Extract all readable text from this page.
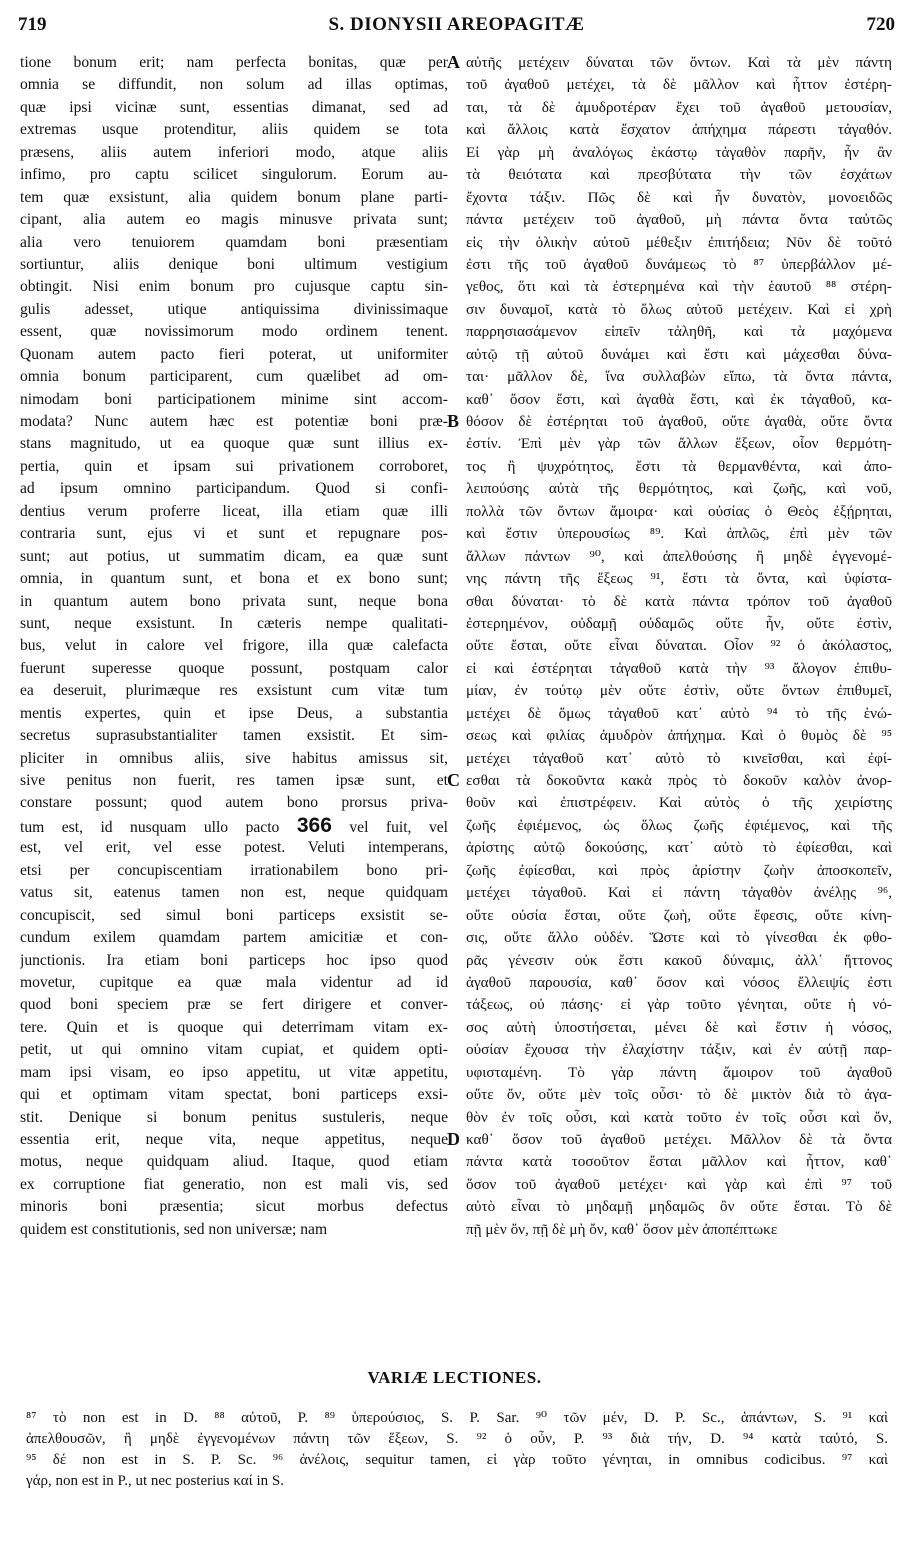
719	S. DIONYSII AREOPAGITÆ	720
tione bonum erit; nam perfecta bonitas, quæ per
omnia se diffundit, non solum ad illas optimas,
quæ ipsi vicinæ sunt, essentias dimanat, sed ad
extremas usque protenditur, aliis quidem se tota
præsens, aliis autem inferiori modo, atque aliis
infimo, pro captu scilicet singulorum. Eorum au-
tem quæ exsistunt, alia quidem bonum plane parti-
cipant, alia autem eo magis minusve privata sunt;
alia vero tenuiorem quamdam boni præsentiam
sortiuntur, aliis denique boni ultimum vestigium
obtingit. Nisi enim bonum pro cujusque captu sin-
gulis adesset, utique antiquissima divinissimaque
essent, quæ novissimorum modo ordinem tenent.
Quonam autem pacto fieri poterat, ut uniformiter
omnia bonum participarent, cum quælibet ad om-
nimodam boni participationem minime sint accom-
modata? Nunc autem hæc est potentiæ boni præ-
stans magnitudo, ut ea quoque quæ sunt illius ex-
pertia, quin et ipsam sui privationem corroboret,
ad ipsum omnino participandum. Quod si confi-
dentius verum proferre liceat, illa etiam quæ illi
contraria sunt, ejus vi et sunt et repugnare pos-
sunt; aut potius, ut summatim dicam, ea quæ sunt
omnia, in quantum sunt, et bona et ex bono sunt;
in quantum autem bono privata sunt, neque bona
sunt, neque exsistunt. In cæteris nempe qualitati-
bus, velut in calore vel frigore, illa quæ calefacta
fuerunt superesse quoque possunt, postquam calor
ea deseruit, plurimæque res exsistunt cum vitæ tum
mentis expertes, quin et ipse Deus, a substantia
secretus suprasubstantialiter tamen exsistit. Et sim-
pliciter in omnibus aliis, sive habitus amissus sit,
sive penitus non fuerit, res tamen ipsæ sunt, et
constare possunt; quod autem bono prorsus priva-
tum est, id nusquam ullo pacto 366 vel fuit, vel
est, vel erit, vel esse potest. Veluti intemperans,
etsi per concupiscentiam irrationabilem bono pri-
vatus sit, eatenus tamen non est, neque quidquam
concupiscit, sed simul boni particeps exsistit se-
cundum exilem quamdam partem amicitiæ et con-
junctionis. Ira etiam boni particeps hoc ipso quod
movetur, cupitque ea quæ mala videntur ad id
quod boni speciem præ se fert dirigere et conver-
tere. Quin et is quoque qui deterrimam vitam ex-
petit, ut qui omnino vitam cupiat, et quidem opti-
mam ipsi visam, eo ipso appetitu, ut vitæ appetitu,
qui et optimam vitam spectat, boni particeps exsi-
stit. Denique si bonum penitus sustuleris, neque
essentia erit, neque vita, neque appetitus, neque
motus, neque quidquam aliud. Itaque, quod etiam
ex corruptione fiat generatio, non est mali vis, sed
minoris boni præsentia; sicut morbus defectus
quidem est constitutionis, sed non universæ; nam
A
B
C
D
αὐτῆς μετέχειν δύναται τῶν ὄντων. Καὶ τὰ μὲν πάντη
τοῦ ἀγαθοῦ μετέχει, τὰ δὲ μᾶλλον καὶ ἧττον ἐστέρη-
ται, τὰ δὲ ἀμυδροτέραν ἔχει τοῦ ἀγαθοῦ μετουσίαν,
καὶ ἄλλοις κατὰ ἔσχατον ἀπήχημα πάρεστι τἀγαθόν.
Εἰ γὰρ μὴ ἀναλόγως ἑκάστῳ τἀγαθὸν παρῆν, ἦν ἂν
τὰ θειότατα καὶ πρεσβύτατα τὴν τῶν ἐσχάτων
ἔχοντα τάξιν. Πῶς δὲ καὶ ἦν δυνατὸν, μονοειδῶς
πάντα μετέχειν τοῦ ἀγαθοῦ, μὴ πάντα ὄντα ταὐτῶς
εἰς τὴν ὁλικὴν αὐτοῦ μέθεξιν ἐπιτήδεια; Νῦν δὲ τοῦτό
ἐστι τῆς τοῦ ἀγαθοῦ δυνάμεως τὸ ⁸⁷ ὑπερβάλλον μέ-
γεθος, ὅτι καὶ τὰ ἐστερημένα καὶ τὴν ἑαυτοῦ ⁸⁸ στέρη-
σιν δυναμοῖ, κατὰ τὸ ὅλως αὐτοῦ μετέχειν. Καὶ εἰ χρὴ
παρρησιασάμενον εἰπεῖν τἀληθῆ, καὶ τὰ μαχόμενα
αὐτῷ τῇ αὐτοῦ δυνάμει καὶ ἔστι καὶ μάχεσθαι δύνα-
ται· μᾶλλον δὲ, ἵνα συλλαβὼν εἴπω, τὰ ὄντα πάντα,
καθ᾽ ὅσον ἔστι, καὶ ἀγαθὰ ἔστι, καὶ ἐκ τἀγαθοῦ, κα-
θόσον δὲ ἐστέρηται τοῦ ἀγαθοῦ, οὔτε ἀγαθὰ, οὔτε ὄντα
ἐστίν. Ἐπὶ μὲν γὰρ τῶν ἄλλων ἕξεων, οἷον θερμότη-
τος ἢ ψυχρότητος, ἔστι τὰ θερμανθέντα, καὶ ἀπο-
λειπούσης αὐτὰ τῆς θερμότητος, καὶ ζωῆς, καὶ νοῦ,
πολλὰ τῶν ὄντων ἄμοιρα· καὶ οὐσίας ὁ Θεὸς ἐξῄρηται,
καὶ ἔστιν ὑπερουσίως ⁸⁹. Καὶ ἁπλῶς, ἐπὶ μὲν τῶν
ἄλλων πάντων ⁹⁰, καὶ ἀπελθούσης ἢ μηδὲ ἐγγενομέ-
νης πάντη τῆς ἕξεως ⁹¹, ἔστι τὰ ὄντα, καὶ ὑφίστα-
σθαι δύναται· τὸ δὲ κατὰ πάντα τρόπον τοῦ ἀγαθοῦ
ἐστερημένον, οὐδαμῇ οὐδαμῶς οὔτε ἦν, οὔτε ἐστὶν,
οὔτε ἔσται, οὔτε εἶναι δύναται. Οἷον ⁹² ὁ ἀκόλαστος,
εἰ καὶ ἐστέρηται τἀγαθοῦ κατὰ τὴν ⁹³ ἄλογον ἐπιθυ-
μίαν, ἐν τούτῳ μὲν οὔτε ἐστὶν, οὔτε ὄντων ἐπιθυμεῖ,
μετέχει δὲ ὅμως τἀγαθοῦ κατ᾽ αὐτὸ ⁹⁴ τὸ τῆς ἑνώ-
σεως καὶ φιλίας ἀμυδρὸν ἀπήχημα. Καὶ ὁ θυμὸς δὲ ⁹⁵
μετέχει τἀγαθοῦ κατ᾽ αὐτὸ τὸ κινεῖσθαι, καὶ ἐφί-
εσθαι τὰ δοκοῦντα κακὰ πρὸς τὸ δοκοῦν καλὸν ἀνορ-
θοῦν καὶ ἐπιστρέφειν. Καὶ αὐτὸς ὁ τῆς χειρίστης
ζωῆς ἐφιέμενος, ὡς ὅλως ζωῆς ἐφιέμενος, καὶ τῆς
ἀρίστης αὐτῷ δοκούσης, κατ᾽ αὐτὸ τὸ ἐφίεσθαι, καὶ
ζωῆς ἐφίεσθαι, καὶ πρὸς ἀρίστην ζωὴν ἀποσκοπεῖν,
μετέχει τἀγαθοῦ. Καὶ εἰ πάντη τἀγαθὸν ἀνέλῃς ⁹⁶,
οὔτε οὐσία ἔσται, οὔτε ζωὴ, οὔτε ἔφεσις, οὔτε κίνη-
σις, οὔτε ἄλλο οὐδέν. Ὥστε καὶ τὸ γίνεσθαι ἐκ φθο-
ρᾶς γένεσιν οὐκ ἔστι κακοῦ δύναμις, ἀλλ᾽ ἥττονος
ἀγαθοῦ παρουσία, καθ᾽ ὅσον καὶ νόσος ἔλλειψίς ἐστι
τάξεως, οὐ πάσης· εἰ γὰρ τοῦτο γένηται, οὔτε ἡ νό-
σος αὐτὴ ὑποστήσεται, μένει δὲ καὶ ἔστιν ἡ νόσος,
οὐσίαν ἔχουσα τὴν ἐλαχίστην τάξιν, καὶ ἐν αὐτῇ παρ-
υφισταμένη. Τὸ γὰρ πάντη ἄμοιρον τοῦ ἀγαθοῦ
οὔτε ὄν, οὔτε μὲν τοῖς οὖσι· τὸ δὲ μικτὸν διὰ τὸ ἀγα-
θὸν ἐν τοῖς οὖσι, καὶ κατὰ τοῦτο ἐν τοῖς οὖσι καὶ ὄν,
καθ᾽ ὅσον τοῦ ἀγαθοῦ μετέχει. Μᾶλλον δὲ τὰ ὄντα
πάντα κατὰ τοσοῦτον ἔσται μᾶλλον καὶ ἧττον, καθ᾽
ὅσον τοῦ ἀγαθοῦ μετέχει· καὶ γὰρ καὶ ἐπὶ ⁹⁷ τοῦ
αὐτὸ εἶναι τὸ μηδαμῇ μηδαμῶς ὂν οὔτε ἔσται. Τὸ δὲ
πῇ μὲν ὄν, πῇ δὲ μὴ ὄν, καθ᾽ ὅσον μὲν ἀποπέπτωκε
VARIÆ LECTIONES.
⁸⁷ τὸ non est in D. ⁸⁸ αὐτοῦ, P. ⁸⁹ ὑπερούσιος, S. P. Sar. ⁹⁰ τῶν μέν, D. P. Sc., ἁπάντων, S. ⁹¹ καὶ
ἀπελθουσῶν, ἢ μηδὲ ἐγγενομένων πάντη τῶν ἕξεων, S. ⁹² ὁ οὖν, P. ⁹³ διὰ τήν, D. ⁹⁴ κατὰ ταὐτό, S.
⁹⁵ δέ non est in S. P. Sc. ⁹⁶ ἀνέλοις, sequitur tamen, εἰ γὰρ τοῦτο γένηται, in omnibus codicibus. ⁹⁷ καὶ
γάρ, non est in P., ut nec posterius καί in S.
